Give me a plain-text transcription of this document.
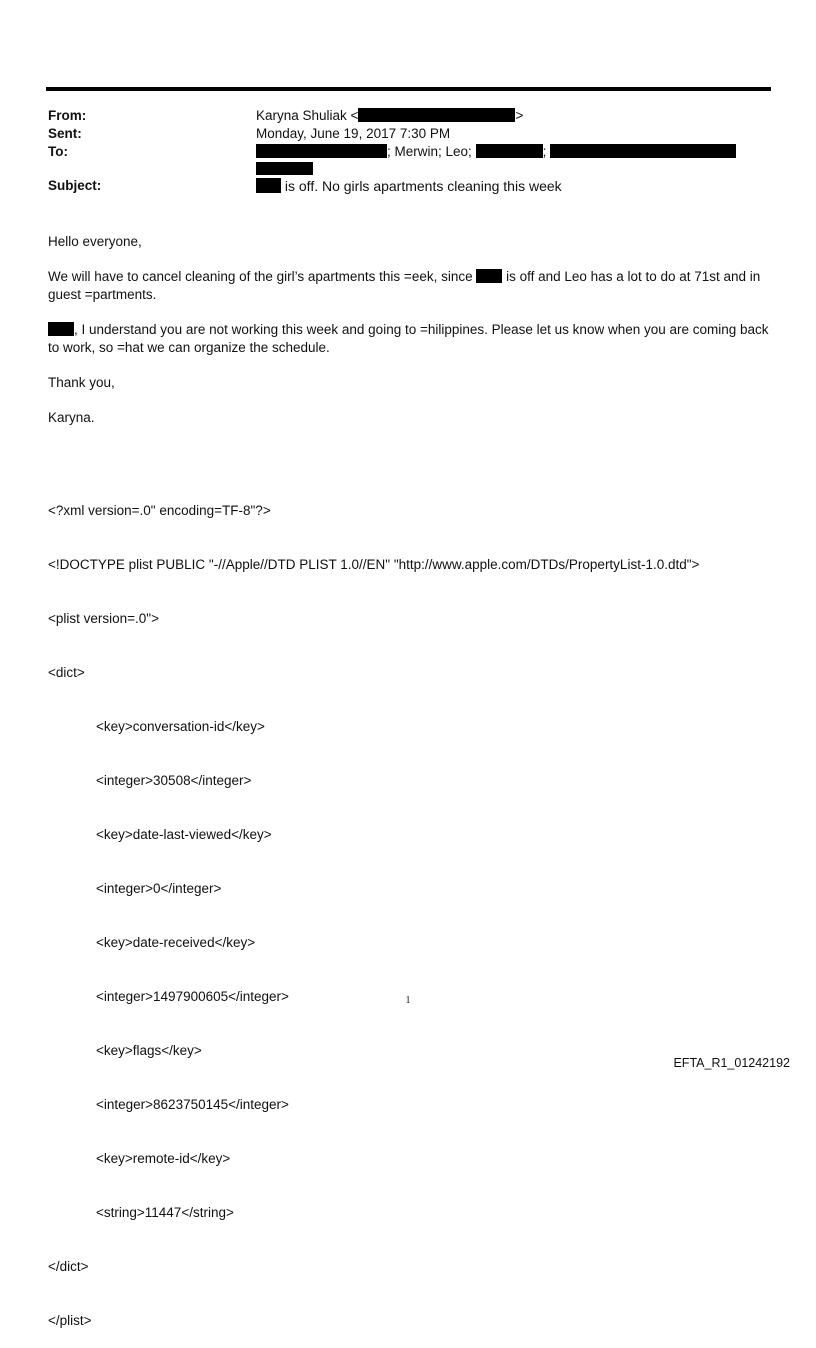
From:	Karyna Shuliak <	>
Sent:	Monday, June 19, 2017 7:30 PM
To:	; Merwin; Leo;	;
Subject:	is off. No girls apartments cleaning this week

Hello everyone,

We will have to cancel cleaning of the girl’s apartments this =eek, since  is off and Leo has a lot to do at 71st and in guest =partments.

, I understand you are not working this week and going to =hilippines. Please let us know when you are coming back to work, so =hat we can organize the schedule.

Thank you,

Karyna.

<?xml version=.0" encoding=TF-8"?>

<!DOCTYPE plist PUBLIC "-//Apple//DTD PLIST 1.0//EN" "http://www.apple.com/DTDs/PropertyList-1.0.dtd">

<plist version=.0">

<dict>

<key>conversation-id</key>

<integer>30508</integer>

<key>date-last-viewed</key>

<integer>0</integer>

<key>date-received</key>

<integer>1497900605</integer>

<key>flags</key>

<integer>8623750145</integer>

<key>remote-id</key>

<string>11447</string>

</dict>

</plist>

1
EFTA_R1_01242192
